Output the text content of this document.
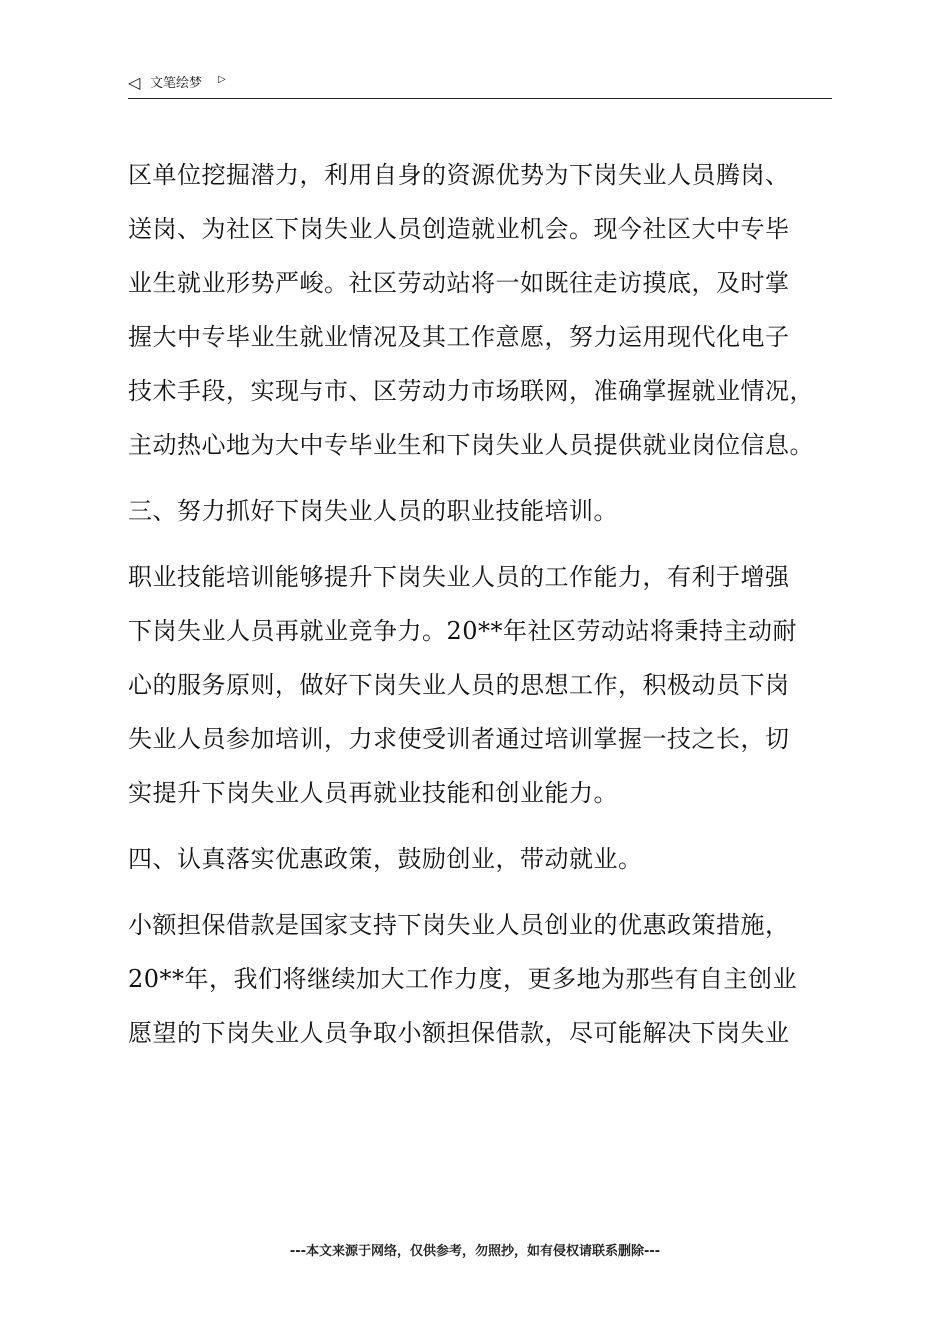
◁ 文笔绘梦 ▷

区单位挖掘潜力，利用自身的资源优势为下岗失业人员腾岗、

送岗、为社区下岗失业人员创造就业机会。现今社区大中专毕

业生就业形势严峻。社区劳动站将一如既往走访摸底，及时掌

握大中专毕业生就业情况及其工作意愿，努力运用现代化电子

技术手段，实现与市、区劳动力市场联网，准确掌握就业情况，

主动热心地为大中专毕业生和下岗失业人员提供就业岗位信息。

三、努力抓好下岗失业人员的职业技能培训。

职业技能培训能够提升下岗失业人员的工作能力，有利于增强

下岗失业人员再就业竞争力。20**年社区劳动站将秉持主动耐

心的服务原则，做好下岗失业人员的思想工作，积极动员下岗

失业人员参加培训，力求使受训者通过培训掌握一技之长，切

实提升下岗失业人员再就业技能和创业能力。

四、认真落实优惠政策，鼓励创业，带动就业。

小额担保借款是国家支持下岗失业人员创业的优惠政策措施，

20**年，我们将继续加大工作力度，更多地为那些有自主创业

愿望的下岗失业人员争取小额担保借款，尽可能解决下岗失业

---本文来源于网络，仅供参考，勿照抄，如有侵权请联系删除---
